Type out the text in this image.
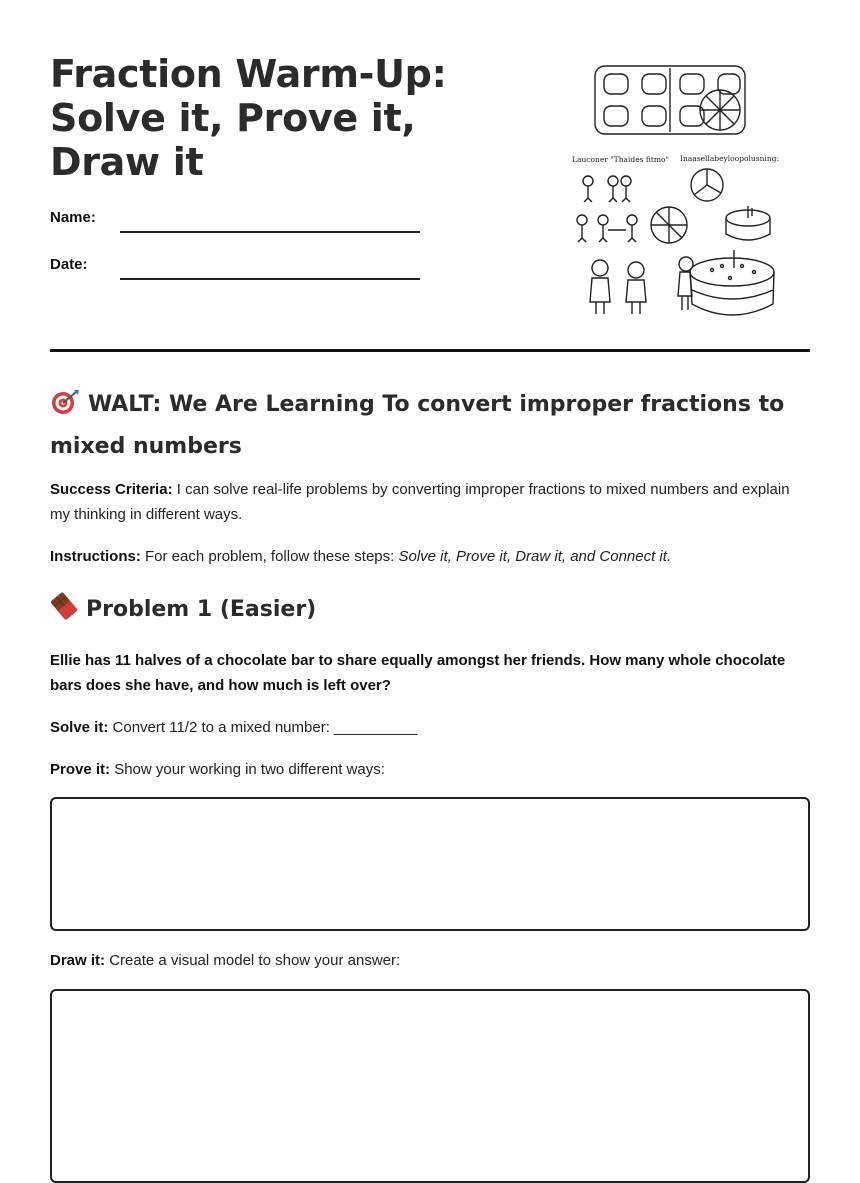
Fraction Warm-Up: Solve it, Prove it, Draw it
Name:
Date:
Lauconer "Thaides fitmo" Inaasellabeyloopolusning:
WALT: We Are Learning To convert improper fractions to mixed numbers

Success Criteria: I can solve real-life problems by converting improper fractions to mixed numbers and explain my thinking in different ways.

Instructions: For each problem, follow these steps: Solve it, Prove it, Draw it, and Connect it.

Problem 1 (Easier)

Ellie has 11 halves of a chocolate bar to share equally amongst her friends. How many whole chocolate bars does she have, and how much is left over?

Solve it: Convert 11/2 to a mixed number: __________

Prove it: Show your working in two different ways:

Draw it: Create a visual model to show your answer:
